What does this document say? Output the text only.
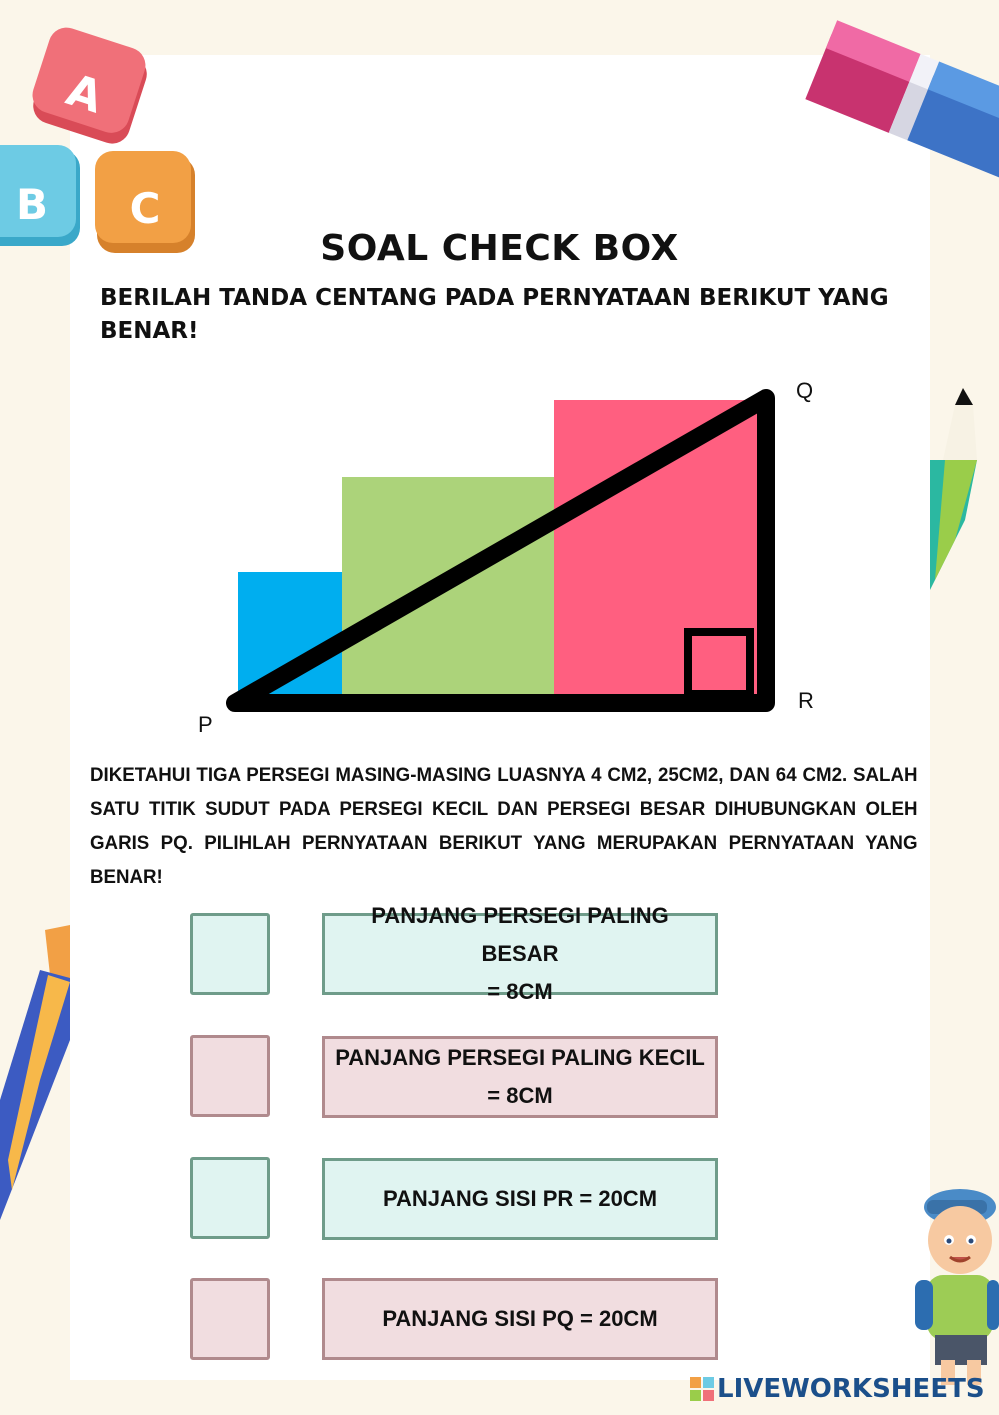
A
B C
SOAL CHECK BOX
BERILAH TANDA CENTANG PADA PERNYATAAN BERIKUT YANG BENAR!
P
Q
R
DIKETAHUI TIGA PERSEGI MASING-MASING LUASNYA 4 CM2, 25CM2, DAN 64 CM2. SALAH SATU TITIK SUDUT PADA PERSEGI KECIL DAN PERSEGI BESAR DIHUBUNGKAN OLEH GARIS PQ. PILIHLAH PERNYATAAN BERIKUT YANG MERUPAKAN PERNYATAAN YANG BENAR!
PANJANG PERSEGI PALING BESAR
= 8CM
PANJANG PERSEGI PALING KECIL
= 8CM
PANJANG SISI PR = 20CM
PANJANG SISI PQ = 20CM
LIVEWORKSHEETS
